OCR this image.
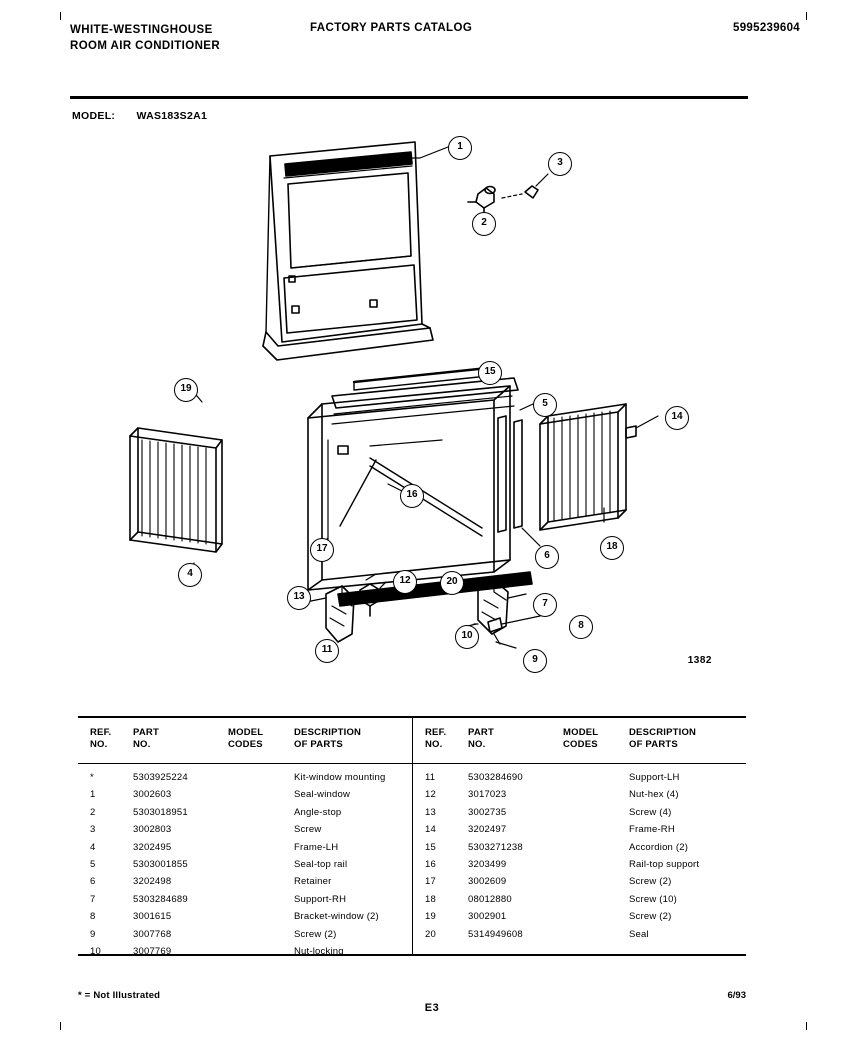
WHITE-WESTINGHOUSE
ROOM AIR CONDITIONER
FACTORY PARTS CATALOG	5995239604
MODEL: WAS183S2A1
1
3
2
19
15
5
14
16
17	18
6
4
13
12	20
7
8
10
11
9	1382
REF.
NO.
PART
NO.
MODEL
CODES
DESCRIPTION
OF PARTS
*	5303925224	Kit-window mounting
1	3002603	Seal-window
2	5303018951	Angle-stop
3	3002803	Screw
4	3202495	Frame-LH
5	5303001855	Seal-top rail
6	3202498	Retainer
7	5303284689	Support-RH
8	3001615	Bracket-window (2)
9	3007768	Screw (2)
10	3007769	Nut-locking
REF.
NO.
PART
NO.
MODEL
CODES
DESCRIPTION
OF PARTS
11	5303284690	Support-LH
12	3017023	Nut-hex (4)
13	3002735	Screw (4)
14	3202497	Frame-RH
15	5303271238	Accordion (2)
16	3203499	Rail-top support
17	3002609	Screw (2)
18	08012880	Screw (10)
19	3002901	Screw (2)
20	5314949608	Seal
* = Not Illustrated
E3
6/93
